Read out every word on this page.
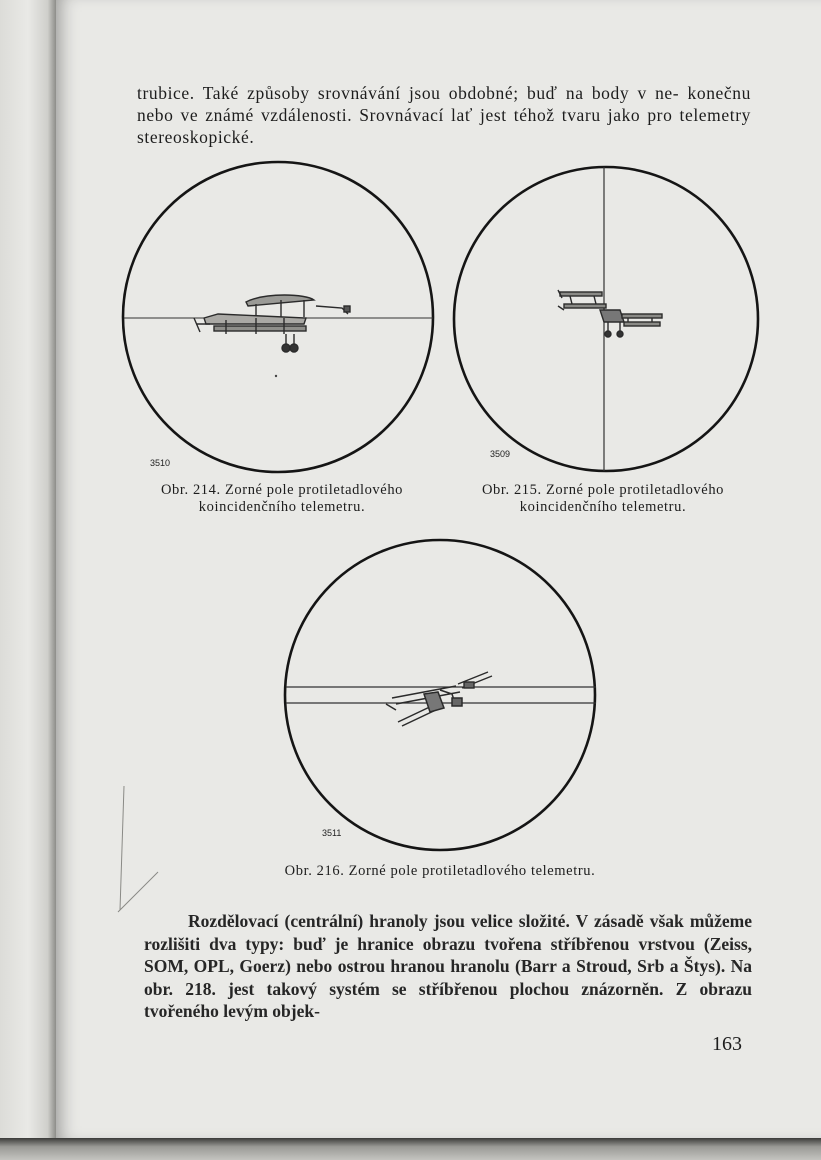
trubice. Také způsoby srovnávání jsou obdobné; buď na body v ne- konečnu nebo ve známé vzdálenosti. Srovnávací lať jest téhož tvaru jako pro telemetry stereoskopické.

3510
3509

Obr. 214. Zorné pole protiletadlového
koincidenčního telemetru.

Obr. 215. Zorné pole protiletadlového
koincidenčního telemetru.

3511

Obr. 216. Zorné pole protiletadlového telemetru.

Rozdělovací (centrální) hranoly jsou velice složité. V zásadě však můžeme rozlišiti dva typy: buď je hranice obrazu tvořena stříbřenou vrstvou (Zeiss, SOM, OPL, Goerz) nebo ostrou hranou hranolu (Barr a Stroud, Srb a Štys). Na obr. 218. jest takový systém se stříbřenou plochou znázorněn. Z obrazu tvořeného levým objek-

163
